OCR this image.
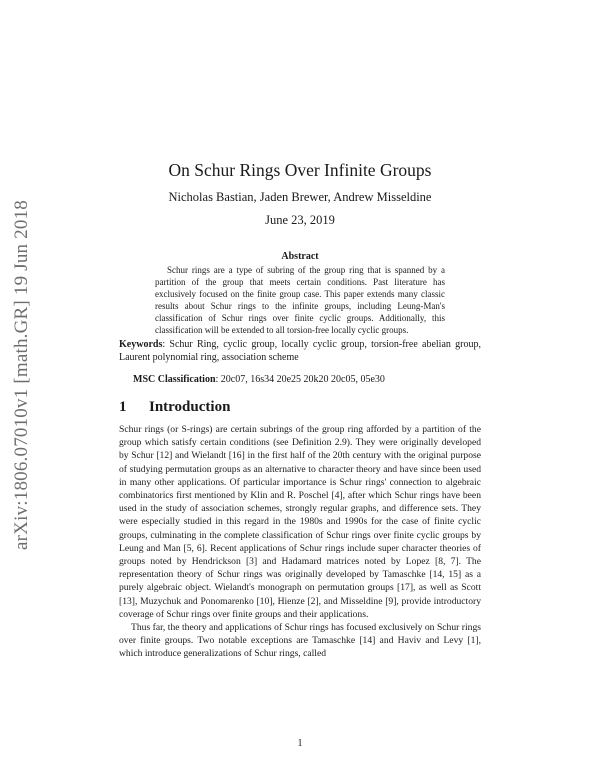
arXiv:1806.07010v1 [math.GR] 19 Jun 2018
On Schur Rings Over Infinite Groups
Nicholas Bastian, Jaden Brewer, Andrew Misseldine
June 23, 2019
Abstract
Schur rings are a type of subring of the group ring that is spanned by a partition of the group that meets certain conditions. Past literature has exclusively focused on the finite group case. This paper extends many classic results about Schur rings to the infinite groups, including Leung-Man's classification of Schur rings over finite cyclic groups. Additionally, this classification will be extended to all torsion-free locally cyclic groups.
Keywords: Schur Ring, cyclic group, locally cyclic group, torsion-free abelian group, Laurent polynomial ring, association scheme
MSC Classification: 20c07, 16s34 20e25 20k20 20c05, 05e30
1 Introduction

Schur rings (or S-rings) are certain subrings of the group ring afforded by a partition of the group which satisfy certain conditions (see Definition 2.9). They were originally developed by Schur [12] and Wielandt [16] in the first half of the 20th century with the original purpose of studying permutation groups as an alternative to character theory and have since been used in many other applications. Of particular importance is Schur rings' connection to algebraic combinatorics first mentioned by Klin and R. Poschel [4], after which Schur rings have been used in the study of association schemes, strongly regular graphs, and difference sets. They were especially studied in this regard in the 1980s and 1990s for the case of finite cyclic groups, culminating in the complete classification of Schur rings over finite cyclic groups by Leung and Man [5, 6]. Recent applications of Schur rings include super character theories of groups noted by Hendrickson [3] and Hadamard matrices noted by Lopez [8, 7]. The representation theory of Schur rings was originally developed by Tamaschke [14, 15] as a purely algebraic object. Wielandt's monograph on permutation groups [17], as well as Scott [13], Muzychuk and Ponomarenko [10], Hienze [2], and Misseldine [9], provide introductory coverage of Schur rings over finite groups and their applications.

Thus far, the theory and applications of Schur rings has focused exclusively on Schur rings over finite groups. Two notable exceptions are Tamaschke [14] and Haviv and Levy [1], which introduce generalizations of Schur rings, called

1
